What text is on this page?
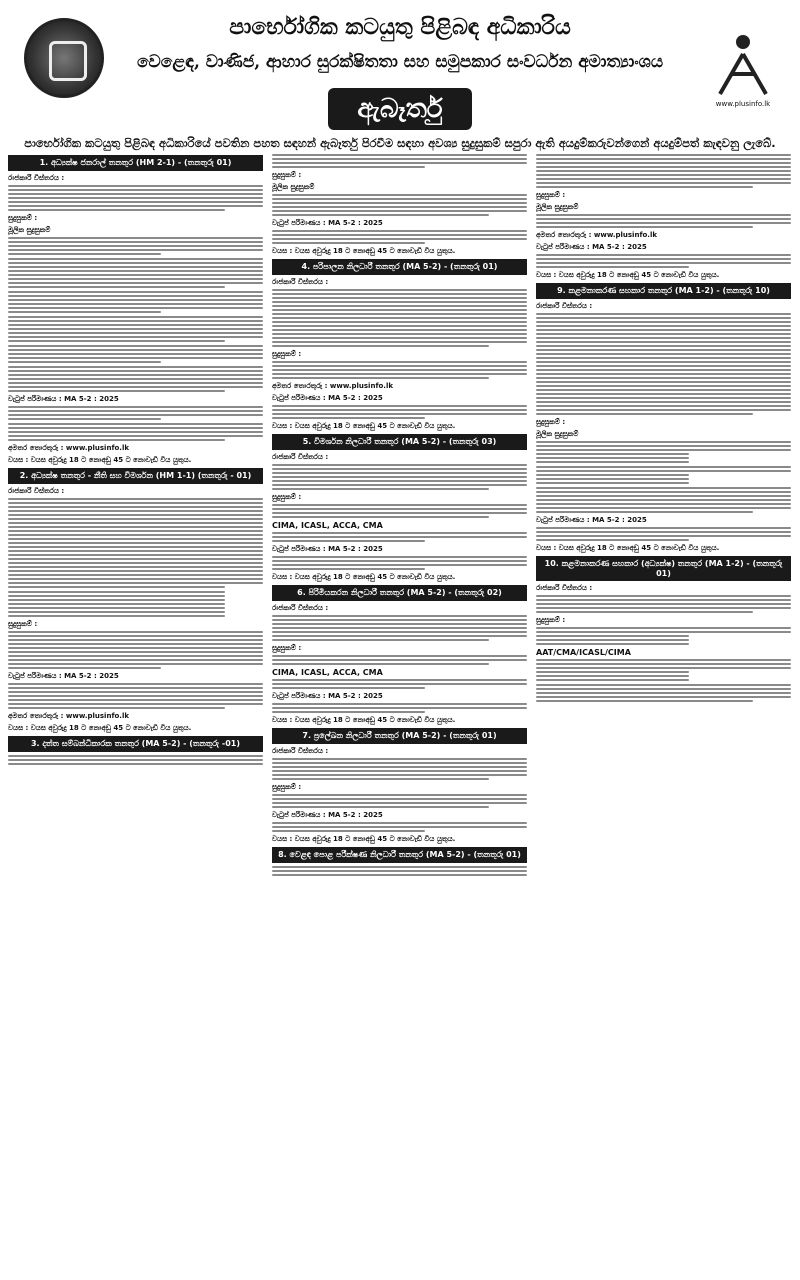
පාර්භෝගික කටයුතු පිළිබඳ අධිකාරිය
වෙළෙඳ, වාණිජ, ආහාර සුරක්ෂිතතා සහ සමුපකාර සංවර්ධන අමාත්‍යාංශය
ඇබෑර්තු	www.plusinfo.lk
පාර්භෝගික කටයුතු පිළිබඳ අධිකාරියේ පවතින පහත සඳහන් ඇබෑර්තු පිරවීම සඳහා අවශ්‍ය සුදුසුකම් සපුරා ඇති අයදුම්කරුවන්ගෙන් අයදුම්පත් කැඳවනු ලැබේ.
1. අධ්‍යක්ෂ ජනරාල් තනතුර (HM 2-1) - (තනතුරු 01)
රාජකාරි විස්තරය :
සුදුසුකම් :
මූලික සුදුසුකම්
වැටුප් පරිමාණය : MA 5-2 : 2025
අමතර තොරතුරු : www.plusinfo.lk
වයස : වයස අවුරුදු 18 ට නොඅඩු 45 ට නොවැඩි විය යුතුය.
2. අධ්‍යක්ෂ තනතුර - නීති සහ විමර්ශන (HM 1-1) (තනතුරු - 01)
රාජකාරි විස්තරය :
සුදුසුකම් :
වැටුප් පරිමාණය : MA 5-2 : 2025
අමතර තොරතුරු : www.plusinfo.lk
වයස : වයස අවුරුදු 18 ට නොඅඩු 45 ට නොවැඩි විය යුතුය.
3. දත්ත සම්බන්ධීකාරක තනතුර (MA 5-2) - (තනතුරු -01)
සුදුසුකම් :
මූලික සුදුසුකම්
වැටුප් පරිමාණය : MA 5-2 : 2025
වයස : වයස අවුරුදු 18 ට නොඅඩු 45 ට නොවැඩි විය යුතුය.
4. පරිපාලන නිලධාරී තනතුර (MA 5-2) - (තනතුරු 01)
රාජකාරි විස්තරය :
සුදුසුකම් :
අමතර තොරතුරු : www.plusinfo.lk
වැටුප් පරිමාණය : MA 5-2 : 2025
වයස : වයස අවුරුදු 18 ට නොඅඩු 45 ට නොවැඩි විය යුතුය.
5. විමර්ශන නිලධාරී තනතුර (MA 5-2) - (තනතුරු 03)
රාජකාරි විස්තරය :
සුදුසුකම් :
CIMA, ICASL, ACCA, CMA
වැටුප් පරිමාණය : MA 5-2 : 2025
වයස : වයස අවුරුදු 18 ට නොඅඩු 45 ට නොවැඩි විය යුතුය.
6. පිරිමියකරන නිලධාරී තනතුර (MA 5-2) - (තනතුරු 02)
රාජකාරි විස්තරය :
සුදුසුකම් :
CIMA, ICASL, ACCA, CMA
වැටුප් පරිමාණය : MA 5-2 : 2025
වයස : වයස අවුරුදු 18 ට නොඅඩු 45 ට නොවැඩි විය යුතුය.
7. ප්‍රලේඛන නිලධාරී තනතුර (MA 5-2) - (තනතුරු 01)
රාජකාරි විස්තරය :
සුදුසුකම් :
වැටුප් පරිමාණය : MA 5-2 : 2025
වයස : වයස අවුරුදු 18 ට නොඅඩු 45 ට නොවැඩි විය යුතුය.
8. වෙළඳ පොළ පරීක්ෂණ නිලධාරී තනතුර (MA 5-2) - (තනතුරු 01)
සුදුසුකම් :
මූලික සුදුසුකම්
අමතර තොරතුරු : www.plusinfo.lk
වැටුප් පරිමාණය : MA 5-2 : 2025
වයස : වයස අවුරුදු 18 ට නොඅඩු 45 ට නොවැඩි විය යුතුය.
9. කළමනාකරණ සහකාර තනතුර (MA 1-2) - (තනතුරු 10)
රාජකාරි විස්තරය :
සුදුසුකම් :
මූලික සුදුසුකම්
වැටුප් පරිමාණය : MA 5-2 : 2025
වයස : වයස අවුරුදු 18 ට නොඅඩු 45 ට නොවැඩි විය යුතුය.
10. කළමනාකරණ සහකාර (අධ්‍යක්ෂ) තනතුර (MA 1-2) - (තනතුරු 01)
රාජකාරි විස්තරය :
සුදුසුකම් :
AAT/CMA/ICASL/CIMA
